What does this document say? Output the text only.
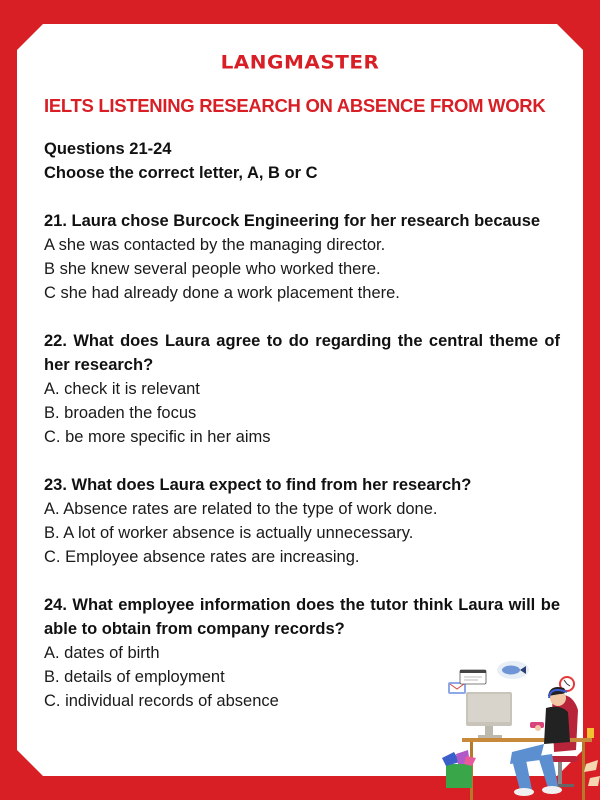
LANGMASTER
IELTS LISTENING RESEARCH ON ABSENCE FROM WORK
Questions 21-24
Choose the correct letter, A, B or C
21. Laura chose Burcock Engineering for her research because
A she was contacted by the managing director.
B she knew several people who worked there.
C she had already done a work placement there.
22. What does Laura agree to do regarding the central theme of her research?
A. check it is relevant
B. broaden the focus
C. be more specific in her aims
23. What does Laura expect to find from her research?
A. Absence rates are related to the type of work done.
B. A lot of worker absence is actually unnecessary.
C. Employee absence rates are increasing.
24. What employee information does the tutor think Laura will be able to obtain from company records?
A. dates of birth
B. details of employment
C. individual records of absence
